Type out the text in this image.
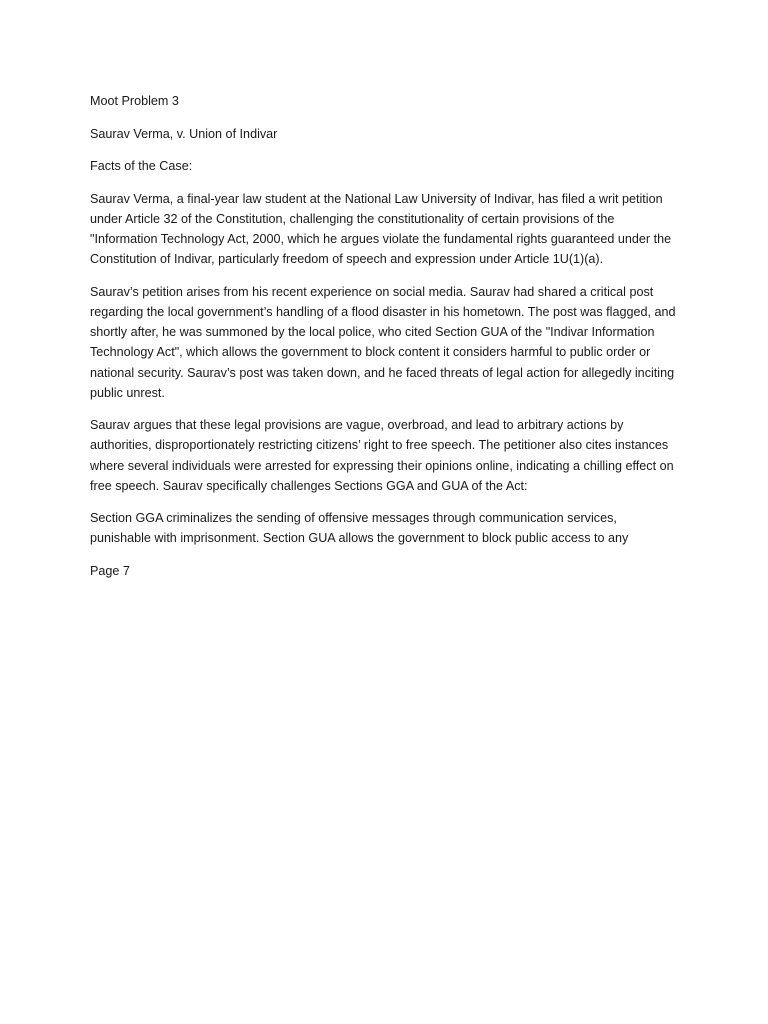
Moot Problem 3

Saurav Verma, v. Union of Indivar

Facts of the Case:

Saurav Verma, a final-year law student at the National Law University of Indivar, has filed a writ petition under Article 32 of the Constitution, challenging the constitutionality of certain provisions of the "Information Technology Act, 2000, which he argues violate the fundamental rights guaranteed under the Constitution of Indivar, particularly freedom of speech and expression under Article 1U(1)(a).

Saurav’s petition arises from his recent experience on social media. Saurav had shared a critical post regarding the local government’s handling of a flood disaster in his hometown. The post was flagged, and shortly after, he was summoned by the local police, who cited Section GUA of the "Indivar Information Technology Act", which allows the government to block content it considers harmful to public order or national security. Saurav’s post was taken down, and he faced threats of legal action for allegedly inciting public unrest.

Saurav argues that these legal provisions are vague, overbroad, and lead to arbitrary actions by authorities, disproportionately restricting citizens’ right to free speech. The petitioner also cites instances where several individuals were arrested for expressing their opinions online, indicating a chilling effect on free speech. Saurav specifically challenges Sections GGA and GUA of the Act:

Section GGA criminalizes the sending of offensive messages through communication services, punishable with imprisonment. Section GUA allows the government to block public access to any

Page 7
